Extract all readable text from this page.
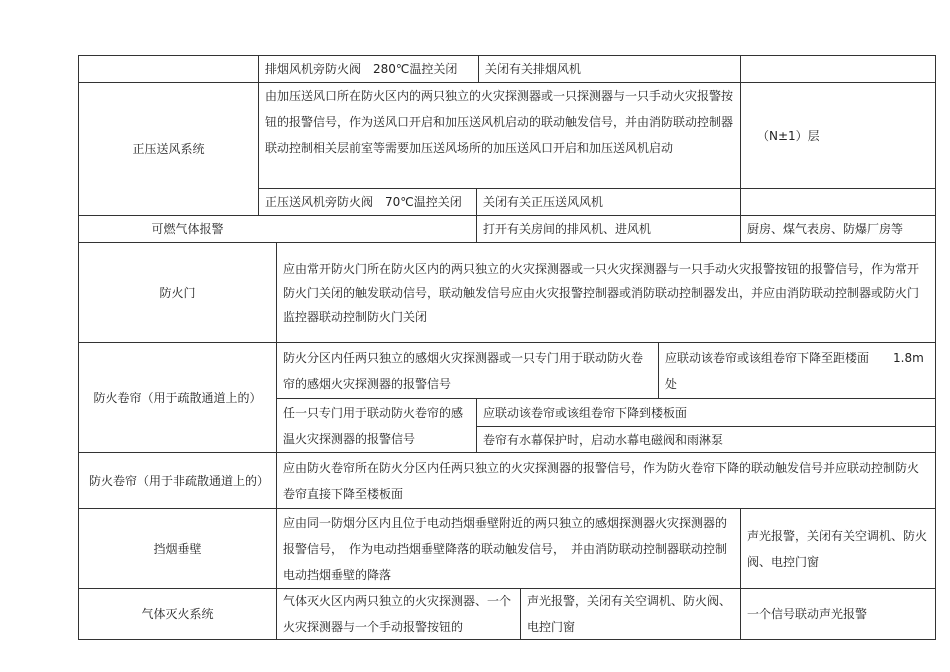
排烟风机旁防火阀　280℃温控关闭 关闭有关排烟风机
正压送风系统
由加压送风口所在防火区内的两只独立的火灾探测器或一只探测器与一只手动火灾报警按钮的报警信号，作为送风口开启和加压送风机启动的联动触发信号，并由消防联动控制器联动控制相关层前室等需要加压送风场所的加压送风口开启和加压送风机启动
（N±1）层
正压送风机旁防火阀　70℃温控关闭 关闭有关正压送风风机
可燃气体报警	打开有关房间的排风机、进风机	厨房、煤气表房、防爆厂房等
防火门
应由常开防火门所在防火区内的两只独立的火灾探测器或一只火灾探测器与一只手动火灾报警按钮的报警信号，作为常开防火门关闭的触发联动信号，联动触发信号应由火灾报警控制器或消防联动控制器发出，并应由消防联动控制器或防火门监控器联动控制防火门关闭
防火卷帘（用于疏散通道上的）
防火分区内任两只独立的感烟火灾探测器或一只专门用于联动防火卷帘的感烟火灾探测器的报警信号
应联动该卷帘或该组卷帘下降至距楼面　　1.8m处
任一只专门用于联动防火卷帘的感温火灾探测器的报警信号
应联动该卷帘或该组卷帘下降到楼板面
卷帘有水幕保护时，启动水幕电磁阀和雨淋泵
防火卷帘（用于非疏散通道上的）
应由防火卷帘所在防火分区内任两只独立的火灾探测器的报警信号，作为防火卷帘下降的联动触发信号并应联动控制防火卷帘直接下降至楼板面
挡烟垂壁
应由同一防烟分区内且位于电动挡烟垂壁附近的两只独立的感烟探测器火灾探测器的报警信号，　作为电动挡烟垂壁降落的联动触发信号，　并由消防联动控制器联动控制电动挡烟垂壁的降落
声光报警，关闭有关空调机、防火阀、电控门窗
气体灭火系统
气体灭火区内两只独立的火灾探测器、一个火灾探测器与一个手动报警按钮的
声光报警，关闭有关空调机、防火阀、电控门窗
一个信号联动声光报警
